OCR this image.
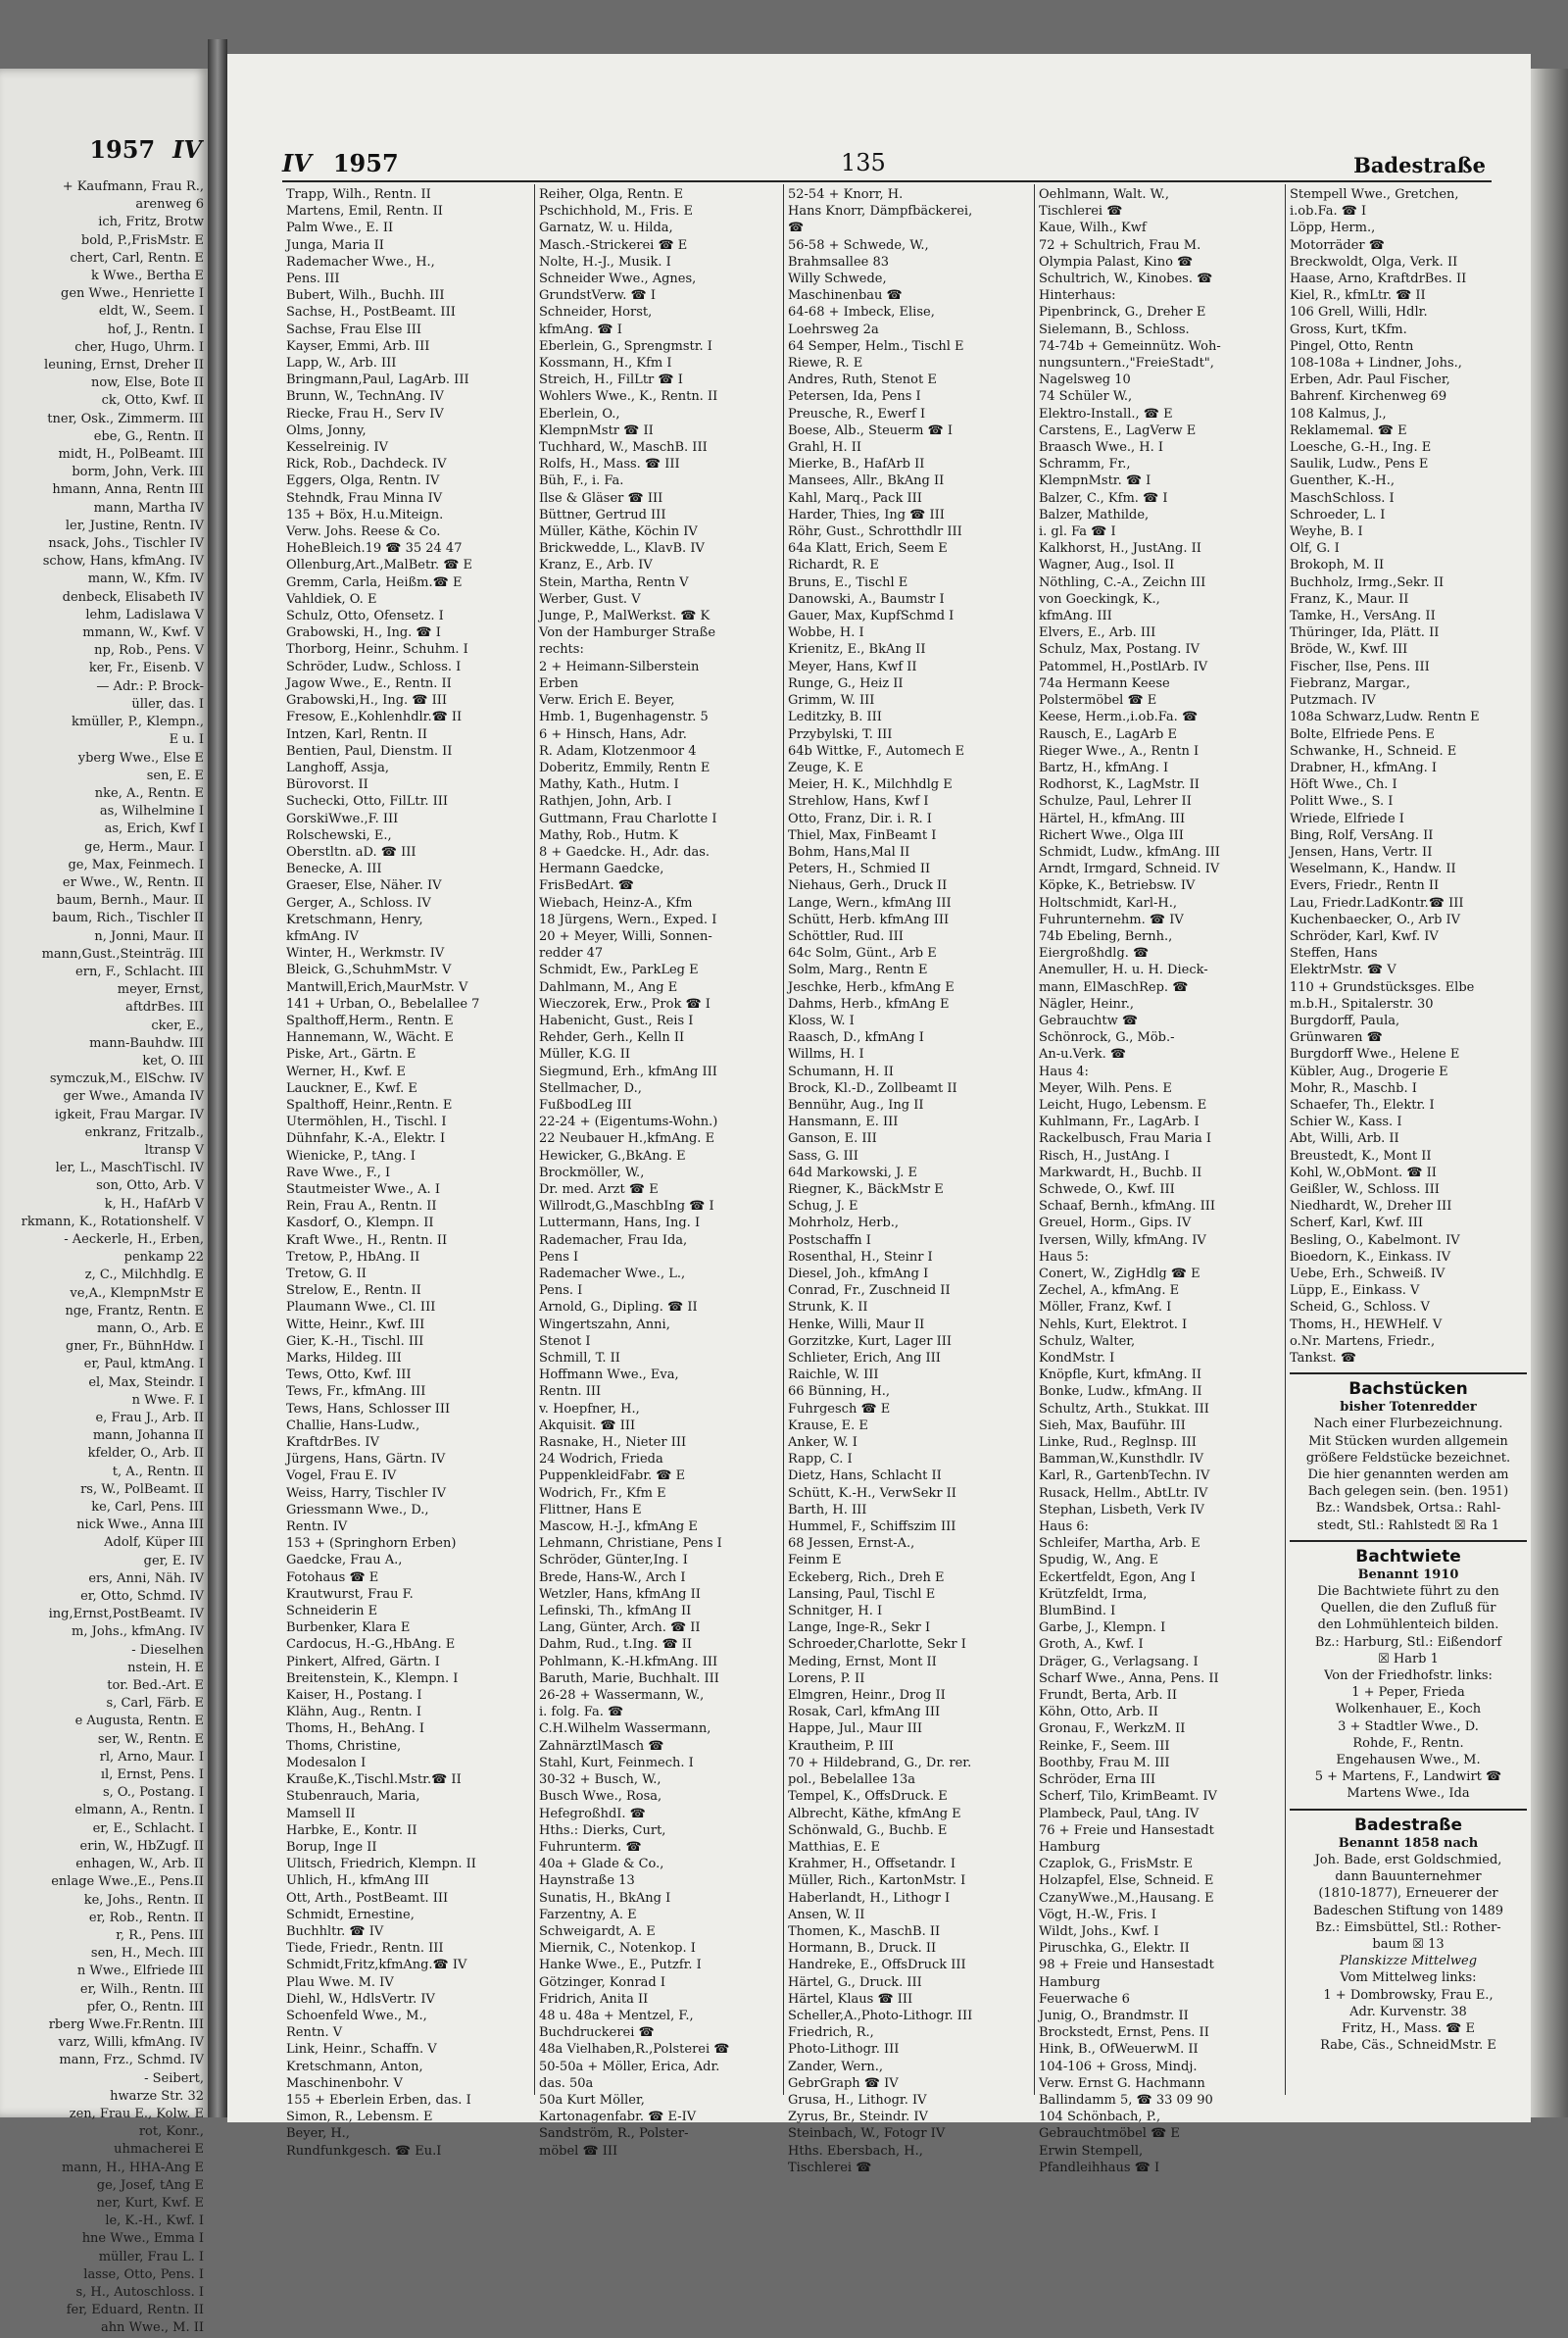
1957 IV
+ Kaufmann, Frau R.,
arenweg 6
ich, Fritz, Brotw
bold, P.,FrisMstr. E
chert, Carl, Rentn. E
k Wwe., Bertha E
gen Wwe., Henriette I
eldt, W., Seem. I
hof, J., Rentn. I
cher, Hugo, Uhrm. I
leuning, Ernst, Dreher II
now, Else, Bote II
ck, Otto, Kwf. II
tner, Osk., Zimmerm. III
ebe, G., Rentn. II
midt, H., PolBeamt. III
borm, John, Verk. III
hmann, Anna, Rentn III
mann, Martha IV
ler, Justine, Rentn. IV
nsack, Johs., Tischler IV
schow, Hans, kfmAng. IV
mann, W., Kfm. IV
denbeck, Elisabeth IV
lehm, Ladislawa V
mmann, W., Kwf. V
np, Rob., Pens. V
ker, Fr., Eisenb. V
— Adr.: P. Brock-
üller, das. I
kmüller, P., Klempn.,
E u. I
yberg Wwe., Else E
sen, E. E
nke, A., Rentn. E
as, Wilhelmine I
as, Erich, Kwf I
ge, Herm., Maur. I
ge, Max, Feinmech. I
er Wwe., W., Rentn. II
baum, Bernh., Maur. II
baum, Rich., Tischler II
n, Jonni, Maur. II
mann,Gust.,Steinträg. III
ern, F., Schlacht. III
meyer, Ernst,
aftdrBes. III
cker, E.,
mann-Bauhdw. III
ket, O. III
symczuk,M., ElSchw. IV
ger Wwe., Amanda IV
igkeit, Frau Margar. IV
enkranz, Fritzalb.,
ltransp V
ler, L., MaschTischl. IV
son, Otto, Arb. V
k, H., HafArb V
rkmann, K., Rotationshelf. V
- Aeckerle, H., Erben,
penkamp 22
z, C., Milchhdlg. E
ve,A., KlempnMstr E
nge, Frantz, Rentn. E
mann, O., Arb. E
gner, Fr., BühnHdw. I
er, Paul, ktmAng. I
el, Max, Steindr. I
n Wwe. F. I
e, Frau J., Arb. II
mann, Johanna II
kfelder, O., Arb. II
t, A., Rentn. II
rs, W., PolBeamt. II
ke, Carl, Pens. III
nick Wwe., Anna III
Adolf, Küper III
ger, E. IV
ers, Anni, Näh. IV
er, Otto, Schmd. IV
ing,Ernst,PostBeamt. IV
m, Johs., kfmAng. IV
- Dieselhen
nstein, H. E
tor. Bed.-Art. E
s, Carl, Färb. E
e Augusta, Rentn. E
ser, W., Rentn. E
rl, Arno, Maur. I
ıl, Ernst, Pens. I
s, O., Postang. I
elmann, A., Rentn. I
er, E., Schlacht. I
erin, W., HbZugf. II
enhagen, W., Arb. II
enlage Wwe.,E., Pens.II
ke, Johs., Rentn. II
er, Rob., Rentn. II
r, R., Pens. III
sen, H., Mech. III
n Wwe., Elfriede III
er, Wilh., Rentn. III
pfer, O., Rentn. III
rberg Wwe.Fr.Rentn. III
varz, Willi, kfmAng. IV
mann, Frz., Schmd. IV
- Seibert,
hwarze Str. 32
zen, Frau E., Kolw. E
rot, Konr.,
uhmacherei E
mann, H., HHA-Ang E
ge, Josef, tAng E
ner, Kurt, Kwf. E
le, K.-H., Kwf. I
hne Wwe., Emma I
müller, Frau L. I
lasse, Otto, Pens. I
s, H., Autoschloss. I
fer, Eduard, Rentn. II
ahn Wwe., M. II
IV 1957	135	Badestraße
Trapp, Wilh., Rentn. II
Martens, Emil, Rentn. II
Palm Wwe., E. II
Junga, Maria II
Rademacher Wwe., H.,
Pens. III
Bubert, Wilh., Buchh. III
Sachse, H., PostBeamt. III
Sachse, Frau Else III
Kayser, Emmi, Arb. III
Lapp, W., Arb. III
Bringmann,Paul, LagArb. III
Brunn, W., TechnAng. IV
Riecke, Frau H., Serv IV
Olms, Jonny,
Kesselreinig. IV
Rick, Rob., Dachdeck. IV
Eggers, Olga, Rentn. IV
Stehndk, Frau Minna IV
135 + Böx, H.u.Miteign.
Verw. Johs. Reese & Co.
HoheBleich.19 ☎ 35 24 47
Ollenburg,Art.,MalBetr. ☎ E
Gremm, Carla, Heißm.☎ E
Vahldiek, O. E
Schulz, Otto, Ofensetz. I
Grabowski, H., Ing. ☎ I
Thorborg, Heinr., Schuhm. I
Schröder, Ludw., Schloss. I
Jagow Wwe., E., Rentn. II
Grabowski,H., Ing. ☎ III
Fresow, E.,Kohlenhdlr.☎ II
Intzen, Karl, Rentn. II
Bentien, Paul, Dienstm. II
Langhoff, Assja,
Bürovorst. II
Suchecki, Otto, FilLtr. III
GorskiWwe.,F. III
Rolschewski, E.,
Oberstltn. aD. ☎ III
Benecke, A. III
Graeser, Else, Näher. IV
Gerger, A., Schloss. IV
Kretschmann, Henry,
kfmAng. IV
Winter, H., Werkmstr. IV
Bleick, G.,SchuhmMstr. V
Mantwill,Erich,MaurMstr. V
141 + Urban, O., Bebelallee 7
Spalthoff,Herm., Rentn. E
Hannemann, W., Wächt. E
Piske, Art., Gärtn. E
Werner, H., Kwf. E
Lauckner, E., Kwf. E
Spalthoff, Heinr.,Rentn. E
Utermöhlen, H., Tischl. I
Dühnfahr, K.-A., Elektr. I
Wienicke, P., tAng. I
Rave Wwe., F., I
Stautmeister Wwe., A. I
Rein, Frau A., Rentn. II
Kasdorf, O., Klempn. II
Kraft Wwe., H., Rentn. II
Tretow, P., HbAng. II
Tretow, G. II
Strelow, E., Rentn. II
Plaumann Wwe., Cl. III
Witte, Heinr., Kwf. III
Gier, K.-H., Tischl. III
Marks, Hildeg. III
Tews, Otto, Kwf. III
Tews, Fr., kfmAng. III
Tews, Hans, Schlosser III
Challie, Hans-Ludw.,
KraftdrBes. IV
Jürgens, Hans, Gärtn. IV
Vogel, Frau E. IV
Weiss, Harry, Tischler IV
Griessmann Wwe., D.,
Rentn. IV
153 + (Springhorn Erben)
Gaedcke, Frau A.,
Fotohaus ☎ E
Krautwurst, Frau F.
Schneiderin E
Burbenker, Klara E
Cardocus, H.-G.,HbAng. E
Pinkert, Alfred, Gärtn. I
Breitenstein, K., Klempn. I
Kaiser, H., Postang. I
Klähn, Aug., Rentn. I
Thoms, H., BehAng. I
Thoms, Christine,
Modesalon I
Krauße,K.,Tischl.Mstr.☎ II
Stubenrauch, Maria,
Mamsell II
Harbke, E., Kontr. II
Borup, Inge II
Ulitsch, Friedrich, Klempn. II
Uhlich, H., kfmAng III
Ott, Arth., PostBeamt. III
Schmidt, Ernestine,
Buchhltr. ☎ IV
Tiede, Friedr., Rentn. III
Schmidt,Fritz,kfmAng.☎ IV
Plau Wwe. M. IV
Diehl, W., HdlsVertr. IV
Schoenfeld Wwe., M.,
Rentn. V
Link, Heinr., Schaffn. V
Kretschmann, Anton,
Maschinenbohr. V
155 + Eberlein Erben, das. I
Simon, R., Lebensm. E
Beyer, H.,
Rundfunkgesch. ☎ Eu.I
Reiher, Olga, Rentn. E
Pschichhold, M., Fris. E
Garnatz, W. u. Hilda,
Masch.-Strickerei ☎ E
Nolte, H.-J., Musik. I
Schneider Wwe., Agnes,
GrundstVerw. ☎ I
Schneider, Horst,
kfmAng. ☎ I
Eberlein, G., Sprengmstr. I
Kossmann, H., Kfm I
Streich, H., FilLtr ☎ I
Wohlers Wwe., K., Rentn. II
Eberlein, O.,
KlempnMstr ☎ II
Tuchhard, W., MaschB. III
Rolfs, H., Mass. ☎ III
Büh, F., i. Fa.
Ilse & Gläser ☎ III
Büttner, Gertrud III
Müller, Käthe, Köchin IV
Brickwedde, L., KlavB. IV
Kranz, E., Arb. IV
Stein, Martha, Rentn V
Werber, Gust. V
Junge, P., MalWerkst. ☎ K
Von der Hamburger Straße
rechts:
2 + Heimann-Silberstein
Erben
Verw. Erich E. Beyer,
Hmb. 1, Bugenhagenstr. 5
6 + Hinsch, Hans, Adr.
R. Adam, Klotzenmoor 4
Doberitz, Emmily, Rentn E
Mathy, Kath., Hutm. I
Rathjen, John, Arb. I
Guttmann, Frau Charlotte I
Mathy, Rob., Hutm. K
8 + Gaedcke. H., Adr. das.
Hermann Gaedcke,
FrisBedArt. ☎
Wiebach, Heinz-A., Kfm
18 Jürgens, Wern., Exped. I
20 + Meyer, Willi, Sonnen-
redder 47
Schmidt, Ew., ParkLeg E
Dahlmann, M., Ang E
Wieczorek, Erw., Prok ☎ I
Habenicht, Gust., Reis I
Rehder, Gerh., Kelln II
Müller, K.G. II
Siegmund, Erh., kfmAng III
Stellmacher, D.,
FußbodLeg III
22-24 + (Eigentums-Wohn.)
22 Neubauer H.,kfmAng. E
Hewicker, G.,BkAng. E
Brockmöller, W.,
Dr. med. Arzt ☎ E
Willrodt,G.,MaschbIng ☎ I
Luttermann, Hans, Ing. I
Rademacher, Frau Ida,
Pens I
Rademacher Wwe., L.,
Pens. I
Arnold, G., Dipling. ☎ II
Wingertszahn, Anni,
Stenot I
Schmill, T. II
Hoffmann Wwe., Eva,
Rentn. III
v. Hoepfner, H.,
Akquisit. ☎ III
Rasnake, H., Nieter III
24 Wodrich, Frieda
PuppenkleidFabr. ☎ E
Wodrich, Fr., Kfm E
Flittner, Hans E
Mascow, H.-J., kfmAng E
Lehmann, Christiane, Pens I
Schröder, Günter,Ing. I
Brede, Hans-W., Arch I
Wetzler, Hans, kfmAng II
Lefinski, Th., kfmAng II
Lang, Günter, Arch. ☎ II
Dahm, Rud., t.Ing. ☎ II
Pohlmann, K.-H.kfmAng. III
Baruth, Marie, Buchhalt. III
26-28 + Wassermann, W.,
i. folg. Fa. ☎
C.H.Wilhelm Wassermann,
ZahnärztlMasch ☎
Stahl, Kurt, Feinmech. I
30-32 + Busch, W.,
Busch Wwe., Rosa,
HefegroßhdI. ☎
Hths.: Dierks, Curt,
Fuhrunterm. ☎
40a + Glade & Co.,
Haynstraße 13
Sunatis, H., BkAng I
Farzentny, A. E
Schweigardt, A. E
Miernik, C., Notenkop. I
Hanke Wwe., E., Putzfr. I
Götzinger, Konrad I
Fridrich, Anita II
48 u. 48a + Mentzel, F.,
Buchdruckerei ☎
48a Vielhaben,R.,Polsterei ☎
50-50a + Möller, Erica, Adr.
das. 50a
50a Kurt Möller,
Kartonagenfabr. ☎ E-IV
Sandström, R., Polster-
möbel ☎ III
52-54 + Knorr, H.
Hans Knorr, Dämpfbäckerei,
☎
56-58 + Schwede, W.,
Brahmsallee 83
Willy Schwede,
Maschinenbau ☎
64-68 + Imbeck, Elise,
Loehrsweg 2a
64 Semper, Helm., Tischl E
Riewe, R. E
Andres, Ruth, Stenot E
Petersen, Ida, Pens I
Preusche, R., Ewerf I
Boese, Alb., Steuerm ☎ I
Grahl, H. II
Mierke, B., HafArb II
Mansees, Allr., BkAng II
Kahl, Marq., Pack III
Harder, Thies, Ing ☎ III
Röhr, Gust., Schrotthdlr III
64a Klatt, Erich, Seem E
Richardt, R. E
Bruns, E., Tischl E
Danowski, A., Baumstr I
Gauer, Max, KupfSchmd I
Wobbe, H. I
Krienitz, E., BkAng II
Meyer, Hans, Kwf II
Runge, G., Heiz II
Grimm, W. III
Leditzky, B. III
Przybylski, T. III
64b Wittke, F., Automech E
Zeuge, K. E
Meier, H. K., Milchhdlg E
Strehlow, Hans, Kwf I
Otto, Franz, Dir. i. R. I
Thiel, Max, FinBeamt I
Bohm, Hans,Mal II
Peters, H., Schmied II
Niehaus, Gerh., Druck II
Lange, Wern., kfmAng III
Schütt, Herb. kfmAng III
Schöttler, Rud. III
64c Solm, Günt., Arb E
Solm, Marg., Rentn E
Jeschke, Herb., kfmAng E
Dahms, Herb., kfmAng E
Kloss, W. I
Raasch, D., kfmAng I
Willms, H. I
Schumann, H. II
Brock, Kl.-D., Zollbeamt II
Bennühr, Aug., Ing II
Hansmann, E. III
Ganson, E. III
Sass, G. III
64d Markowski, J. E
Riegner, K., BäckMstr E
Schug, J. E
Mohrholz, Herb.,
Postschaffn I
Rosenthal, H., Steinr I
Diesel, Joh., kfmAng I
Conrad, Fr., Zuschneid II
Strunk, K. II
Henke, Willi, Maur II
Gorzitzke, Kurt, Lager III
Schlieter, Erich, Ang III
Raichle, W. III
66 Bünning, H.,
Fuhrgesch ☎ E
Krause, E. E
Anker, W. I
Rapp, C. I
Dietz, Hans, Schlacht II
Schütt, K.-H., VerwSekr II
Barth, H. III
Hummel, F., Schiffszim III
68 Jessen, Ernst-A.,
Feinm E
Eckeberg, Rich., Dreh E
Lansing, Paul, Tischl E
Schnitger, H. I
Lange, Inge-R., Sekr I
Schroeder,Charlotte, Sekr I
Meding, Ernst, Mont II
Lorens, P. II
Elmgren, Heinr., Drog II
Rosak, Carl, kfmAng III
Happe, Jul., Maur III
Krautheim, P. III
70 + Hildebrand, G., Dr. rer.
pol., Bebelallee 13a
Tempel, K., OffsDruck. E
Albrecht, Käthe, kfmAng E
Schönwald, G., Buchb. E
Matthias, E. E
Krahmer, H., Offsetandr. I
Müller, Rich., KartonMstr. I
Haberlandt, H., Lithogr I
Ansen, W. II
Thomen, K., MaschB. II
Hormann, B., Druck. II
Handreke, E., OffsDruck III
Härtel, G., Druck. III
Härtel, Klaus ☎ III
Scheller,A.,Photo-Lithogr. III
Friedrich, R.,
Photo-Lithogr. III
Zander, Wern.,
GebrGraph ☎ IV
Grusa, H., Lithogr. IV
Zyrus, Br., Steindr. IV
Steinbach, W., Fotogr IV
Hths. Ebersbach, H.,
Tischlerei ☎
Oehlmann, Walt. W.,
Tischlerei ☎
Kaue, Wilh., Kwf
72 + Schultrich, Frau M.
Olympia Palast, Kino ☎
Schultrich, W., Kinobes. ☎
Hinterhaus:
Pipenbrinck, G., Dreher E
Sielemann, B., Schloss.
74-74b + Gemeinnütz. Woh-
nungsuntern.,"FreieStadt",
Nagelsweg 10
74 Schüler W.,
Elektro-Install., ☎ E
Carstens, E., LagVerw E
Braasch Wwe., H. I
Schramm, Fr.,
KlempnMstr. ☎ I
Balzer, C., Kfm. ☎ I
Balzer, Mathilde,
i. gl. Fa ☎ I
Kalkhorst, H., JustAng. II
Wagner, Aug., Isol. II
Nöthling, C.-A., Zeichn III
von Goeckingk, K.,
kfmAng. III
Elvers, E., Arb. III
Schulz, Max, Postang. IV
Patommel, H.,PostlArb. IV
74a Hermann Keese
Polstermöbel ☎ E
Keese, Herm.,i.ob.Fa. ☎
Rausch, E., LagArb E
Rieger Wwe., A., Rentn I
Bartz, H., kfmAng. I
Rodhorst, K., LagMstr. II
Schulze, Paul, Lehrer II
Härtel, H., kfmAng. III
Richert Wwe., Olga III
Schmidt, Ludw., kfmAng. III
Arndt, Irmgard, Schneid. IV
Köpke, K., Betriebsw. IV
Holtschmidt, Karl-H.,
Fuhrunternehm. ☎ IV
74b Ebeling, Bernh.,
Eiergroßhdlg. ☎
Anemuller, H. u. H. Dieck-
mann, ElMaschRep. ☎
Nägler, Heinr.,
Gebrauchtw ☎
Schönrock, G., Möb.-
An-u.Verk. ☎
Haus 4:
Meyer, Wilh. Pens. E
Leicht, Hugo, Lebensm. E
Kuhlmann, Fr., LagArb. I
Rackelbusch, Frau Maria I
Risch, H., JustAng. I
Markwardt, H., Buchb. II
Schwede, O., Kwf. III
Schaaf, Bernh., kfmAng. III
Greuel, Horm., Gips. IV
Iversen, Willy, kfmAng. IV
Haus 5:
Conert, W., ZigHdlg ☎ E
Zechel, A., kfmAng. E
Möller, Franz, Kwf. I
Nehls, Kurt, Elektrot. I
Schulz, Walter,
KondMstr. I
Knöpfle, Kurt, kfmAng. II
Bonke, Ludw., kfmAng. II
Schultz, Arth., Stukkat. III
Sieh, Max, Bauführ. III
Linke, Rud., Reglnsp. III
Bamman,W.,Kunsthdlr. IV
Karl, R., GartenbTechn. IV
Rusack, Hellm., AbtLtr. IV
Stephan, Lisbeth, Verk IV
Haus 6:
Schleifer, Martha, Arb. E
Spudig, W., Ang. E
Eckertfeldt, Egon, Ang I
Krützfeldt, Irma,
BlumBind. I
Garbe, J., Klempn. I
Groth, A., Kwf. I
Dräger, G., Verlagsang. I
Scharf Wwe., Anna, Pens. II
Frundt, Berta, Arb. II
Köhn, Otto, Arb. II
Gronau, F., WerkzM. II
Reinke, F., Seem. III
Boothby, Frau M. III
Schröder, Erna III
Scherf, Tilo, KrimBeamt. IV
Plambeck, Paul, tAng. IV
76 + Freie und Hansestadt
Hamburg
Czaplok, G., FrisMstr. E
Holzapfel, Else, Schneid. E
CzanyWwe.,M.,Hausang. E
Vögt, H.-W., Fris. I
Wildt, Johs., Kwf. I
Piruschka, G., Elektr. II
98 + Freie und Hansestadt
Hamburg
Feuerwache 6
Junig, O., Brandmstr. II
Brockstedt, Ernst, Pens. II
Hink, B., OfWeuerwM. II
104-106 + Gross, Mindj.
Verw. Ernst G. Hachmann
Ballindamm 5, ☎ 33 09 90
104 Schönbach, P.,
Gebrauchtmöbel ☎ E
Erwin Stempell,
Pfandleihhaus ☎ I
Stempell Wwe., Gretchen,
i.ob.Fa. ☎ I
Löpp, Herm.,
Motorräder ☎
Breckwoldt, Olga, Verk. II
Haase, Arno, KraftdrBes. II
Kiel, R., kfmLtr. ☎ II
106 Grell, Willi, Hdlr.
Gross, Kurt, tKfm.
Pingel, Otto, Rentn
108-108a + Lindner, Johs.,
Erben, Adr. Paul Fischer,
Bahrenf. Kirchenweg 69
108 Kalmus, J.,
Reklamemal. ☎ E
Loesche, G.-H., Ing. E
Saulik, Ludw., Pens E
Guenther, K.-H.,
MaschSchloss. I
Schroeder, L. I
Weyhe, B. I
Olf, G. I
Brokoph, M. II
Buchholz, Irmg.,Sekr. II
Franz, K., Maur. II
Tamke, H., VersAng. II
Thüringer, Ida, Plätt. II
Bröde, W., Kwf. III
Fischer, Ilse, Pens. III
Fiebranz, Margar.,
Putzmach. IV
108a Schwarz,Ludw. Rentn E
Bolte, Elfriede Pens. E
Schwanke, H., Schneid. E
Drabner, H., kfmAng. I
Höft Wwe., Ch. I
Politt Wwe., S. I
Wriede, Elfriede I
Bing, Rolf, VersAng. II
Jensen, Hans, Vertr. II
Weselmann, K., Handw. II
Evers, Friedr., Rentn II
Lau, Friedr.LadKontr.☎ III
Kuchenbaecker, O., Arb IV
Schröder, Karl, Kwf. IV
Steffen, Hans
ElektrMstr. ☎ V
110 + Grundstücksges. Elbe
m.b.H., Spitalerstr. 30
Burgdorff, Paula,
Grünwaren ☎
Burgdorff Wwe., Helene E
Kübler, Aug., Drogerie E
Mohr, R., Maschb. I
Schaefer, Th., Elektr. I
Schier W., Kass. I
Abt, Willi, Arb. II
Breustedt, K., Mont II
Kohl, W.,ObMont. ☎ II
Geißler, W., Schloss. III
Niedhardt, W., Dreher III
Scherf, Karl, Kwf. III
Besling, O., Kabelmont. IV
Bioedorn, K., Einkass. IV
Uebe, Erh., Schweiß. IV
Lüpp, E., Einkass. V
Scheid, G., Schloss. V
Thoms, H., HEWHelf. V
o.Nr. Martens, Friedr.,
Tankst. ☎
Bachstücken
bisher Totenredder
Nach einer Flurbezeichnung.
Mit Stücken wurden allgemein
größere Feldstücke bezeichnet.
Die hier genannten werden am
Bach gelegen sein. (ben. 1951)
Bz.: Wandsbek, Ortsa.: Rahl-
stedt, Stl.: Rahlstedt ☒ Ra 1
Bachtwiete
Benannt 1910
Die Bachtwiete führt zu den
Quellen, die den Zufluß für
den Lohmühlenteich bilden.
Bz.: Harburg, Stl.: Eißendorf
☒ Harb 1
Von der Friedhofstr. links:
1 + Peper, Frieda
Wolkenhauer, E., Koch
3 + Stadtler Wwe., D.
Rohde, F., Rentn.
Engehausen Wwe., M.
5 + Martens, F., Landwirt ☎
Martens Wwe., Ida
Badestraße
Benannt 1858 nach
Joh. Bade, erst Goldschmied,
dann Bauunternehmer
(1810-1877), Erneuerer der
Badeschen Stiftung von 1489
Bz.: Eimsbüttel, Stl.: Rother-
baum ☒ 13
Planskizze Mittelweg
Vom Mittelweg links:
1 + Dombrowsky, Frau E.,
Adr. Kurvenstr. 38
Fritz, H., Mass. ☎ E
Rabe, Cäs., SchneidMstr. E
